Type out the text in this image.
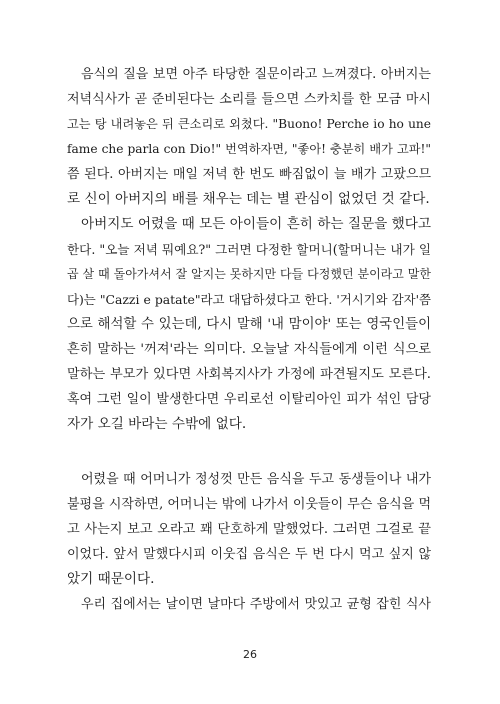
음식의 질을 보면 아주 타당한 질문이라고 느껴졌다. 아버지는
저녁식사가 곧 준비된다는 소리를 들으면 스카치를 한 모금 마시
고는 탕 내려놓은 뒤 큰소리로 외쳤다. "Buono! Perche io ho une
fame che parla con Dio!" 번역하자면, "좋아! 충분히 배가 고파!"
쯤 된다. 아버지는 매일 저녁 한 번도 빠짐없이 늘 배가 고팠으므
로 신이 아버지의 배를 채우는 데는 별 관심이 없었던 것 같다.
아버지도 어렸을 때 모든 아이들이 흔히 하는 질문을 했다고
한다. "오늘 저녁 뭐예요?" 그러면 다정한 할머니(할머니는 내가 일
곱 살 때 돌아가셔서 잘 알지는 못하지만 다들 다정했던 분이라고 말한
다)는 "Cazzi e patate"라고 대답하셨다고 한다. '거시기와 감자'쯤
으로 해석할 수 있는데, 다시 말해 '내 맘이야' 또는 영국인들이
흔히 말하는 '꺼져'라는 의미다. 오늘날 자식들에게 이런 식으로
말하는 부모가 있다면 사회복지사가 가정에 파견될지도 모른다.
혹여 그런 일이 발생한다면 우리로선 이탈리아인 피가 섞인 담당
자가 오길 바라는 수밖에 없다.
어렸을 때 어머니가 정성껏 만든 음식을 두고 동생들이나 내가
불평을 시작하면, 어머니는 밖에 나가서 이웃들이 무슨 음식을 먹
고 사는지 보고 오라고 꽤 단호하게 말했었다. 그러면 그걸로 끝
이었다. 앞서 말했다시피 이웃집 음식은 두 번 다시 먹고 싶지 않
았기 때문이다.
우리 집에서는 날이면 날마다 주방에서 맛있고 균형 잡힌 식사
26
